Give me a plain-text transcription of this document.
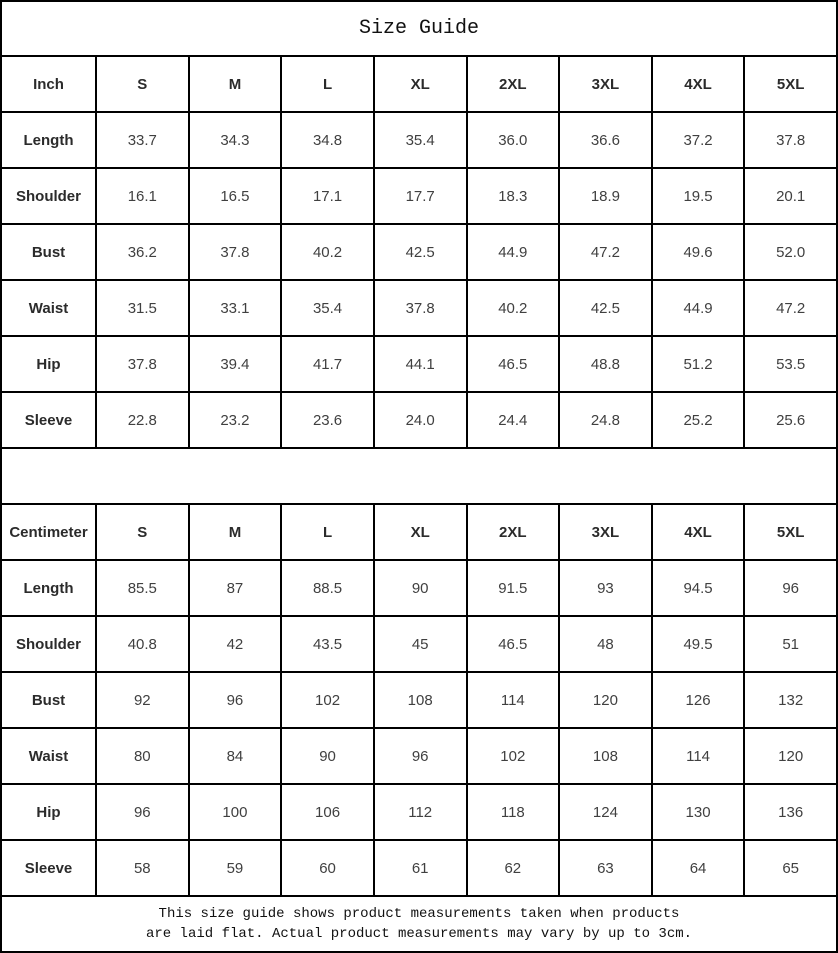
Size Guide								
Inch	S	M	L	XL	2XL	3XL	4XL	5XL
Length	33.7	34.3	34.8	35.4	36.0	36.6	37.2	37.8
Shoulder	16.1	16.5	17.1	17.7	18.3	18.9	19.5	20.1
Bust	36.2	37.8	40.2	42.5	44.9	47.2	49.6	52.0
Waist	31.5	33.1	35.4	37.8	40.2	42.5	44.9	47.2
Hip	37.8	39.4	41.7	44.1	46.5	48.8	51.2	53.5
Sleeve	22.8	23.2	23.6	24.0	24.4	24.8	25.2	25.6

Centimeter	S	M	L	XL	2XL	3XL	4XL	5XL
Length	85.5	87	88.5	90	91.5	93	94.5	96
Shoulder	40.8	42	43.5	45	46.5	48	49.5	51
Bust	92	96	102	108	114	120	126	132
Waist	80	84	90	96	102	108	114	120
Hip	96	100	106	112	118	124	130	136
Sleeve	58	59	60	61	62	63	64	65

This size guide shows product measurements taken when products
are laid flat. Actual product measurements may vary by up to 3cm.								
